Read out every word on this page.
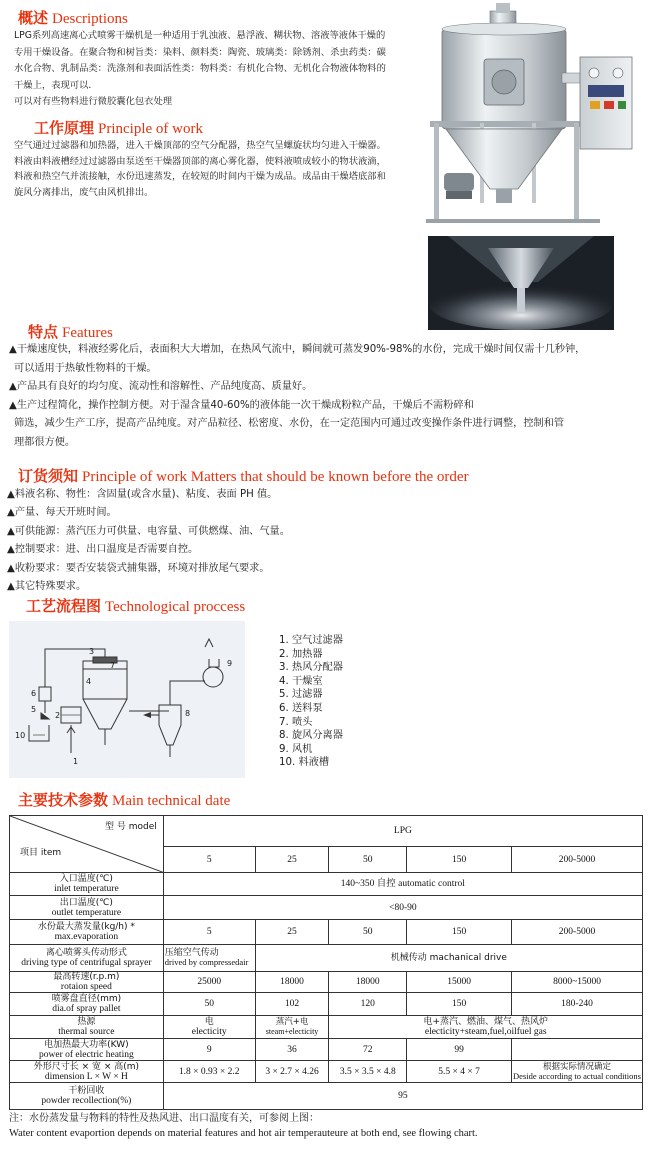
概述 Descriptions

LPG系列高速离心式喷雾干燥机是一种适用于乳浊液、悬浮液、糊状物、溶液等液体干燥的

专用干燥设备。在聚合物和树旨类：染料、颜料类：陶瓷、玻璃类：除锈剂、杀虫药类：碳

水化合物、乳制品类：洗涤剂和表面活性类：物料类：有机化合物、无机化合物液体物料的

干燥上，表现可以.

可以对有些物料进行微胶囊化包衣处理

工作原理 Principle of work

空气通过过滤器和加热器，进入干燥顶部的空气分配器，热空气呈螺旋状均匀进入干燥器。

料液由料液槽经过过滤器由泵送至干燥器顶部的离心雾化器，使料液喷成较小的物状液滴，

料液和热空气并流接触，水份迅速蒸发，在较短的时间内干燥为成品。成品由干燥塔底部和

旋风分离排出，废气由风机排出。

特点 Features

▲干燥速度快，料液经雾化后，表面积大大增加，在热风气流中，瞬间就可蒸发90%-98%的水份，完成干燥时间仅需十几秒钟，

可以适用于热敏性物料的干燥。

▲产品具有良好的均匀度、流动性和溶解性、产品纯度高、质量好。

▲生产过程简化，操作控制方便。对于湿含量40-60%的液体能一次干燥成粉粒产品，干燥后不需粉碎和

筛选，减少生产工序，提高产品纯度。对产品粒径、松密度、水份，在一定范围内可通过改变操作条件进行调整，控制和管

理都很方便。

订货须知 Principle of work Matters that should be known before the order

▲料液名称、物性：含固量(或含水量)、粘度、表面 PH 值。

▲产量、每天开班时间。

▲可供能源：蒸汽压力可供量、电容量、可供燃煤、油、气量。

▲控制要求：进、出口温度是否需要自控。

▲收粉要求：要否安装袋式捕集器，环境对排放尾气要求。

▲其它特殊要求。

工艺流程图 Technological proccess
1
2
3
4
5
6
7
8
9
10
1. 空气过滤器
2. 加热器
3. 热风分配器
4. 干燥室
5. 过滤器
6. 送料泵
7. 喷头
8. 旋风分离器
9. 风机
10. 料液槽
主要技术参数 Main technical date
型 号 model
项目 item	LPG				
	5	25	50	150	200-5000
入口温度(℃)
inlet temperature	140~350 自控 automatic control				
出口温度(℃)
outlet temperature	<80-90				
水份最大蒸发量(kg/h) *
max.evaporation	5	25	50	150	200-5000
离心喷雾头传动形式
driving type of centrifugal sprayer	压缩空气传动
drived by compressedair	机械传动 machanical drive			
最高转速(r.p.m)
rotaion speed	25000	18000	18000	15000	8000~15000
喷雾盘直径(mm)
dia.of spray pallet	50	102	120	150	180-240
热源
thermal source	电
electicity	蒸汽+电
steam+electicity	电+蒸汽、燃油、煤气、热风炉
electicity+steam,fuel,oilfuel gas		

电加热最大功率(KW)
power of electric heating	9	36	72	99	
外形尺寸长 × 宽 × 高(m)
dimension L × W × H	1.8 × 0.93 × 2.2	3 × 2.7 × 4.26	3.5 × 3.5 × 4.8	5.5 × 4 × 7	根据实际情况确定
Deside according to actual conditions

干粉回收
powder recollection(%)	95				
注：水份蒸发量与物料的特性及热风进、出口温度有关，可参阅上图：
Water content evaportion depends on material features and hot air temperauteure at both end, see flowing chart.
